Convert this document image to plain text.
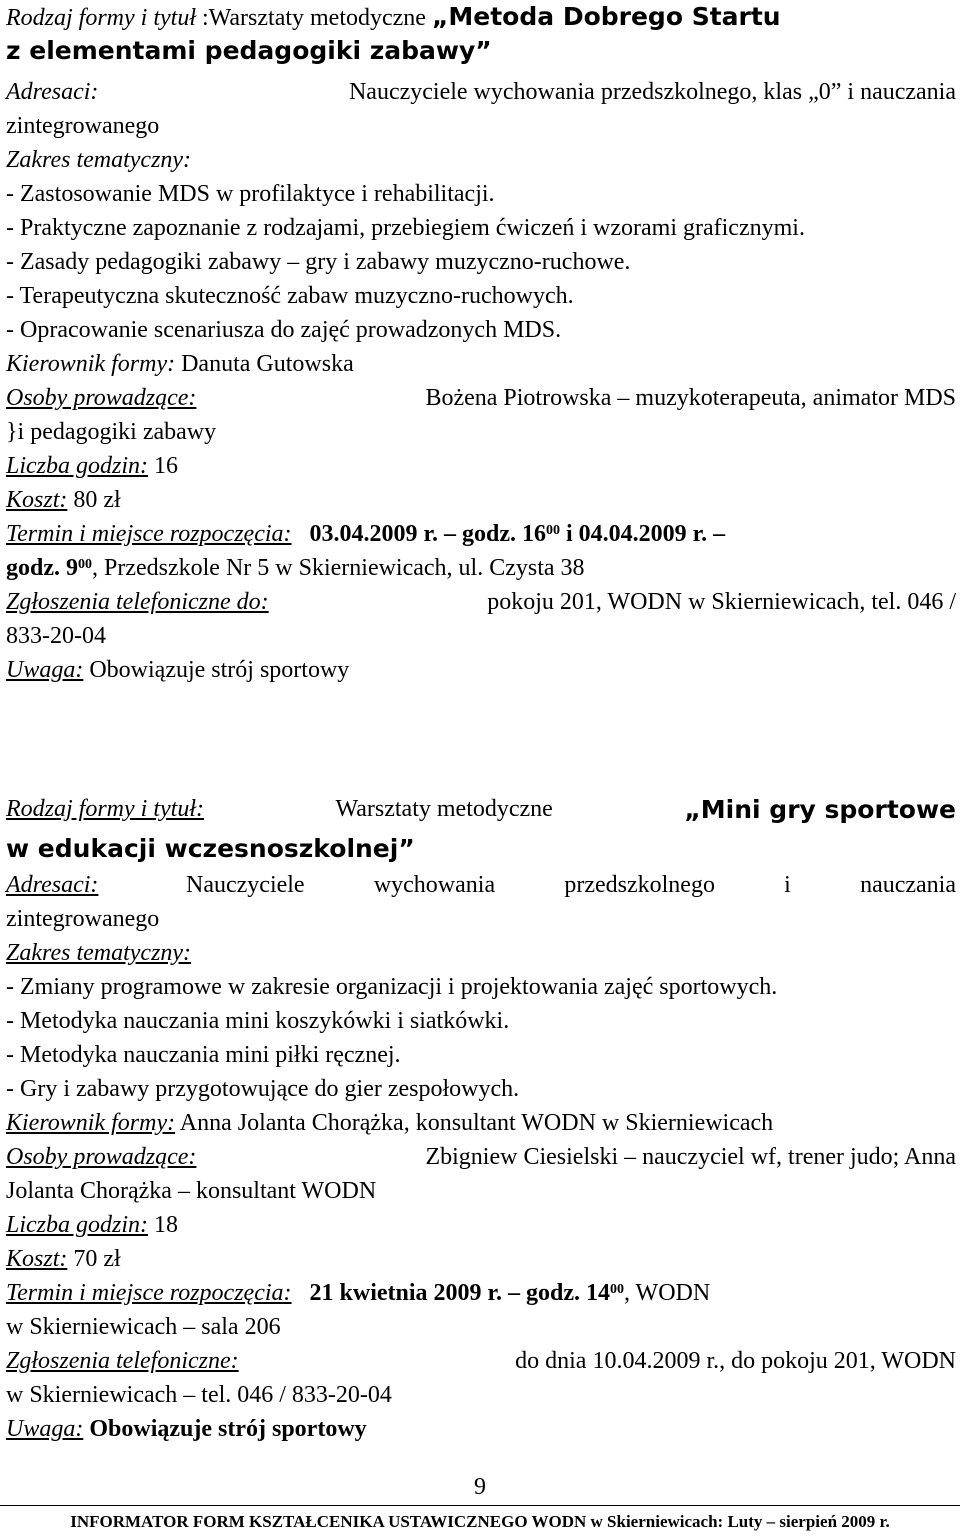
Rodzaj formy i tytuł :Warsztaty metodyczne „Metoda Dobrego Startu
z elementami pedagogiki zabawy”
Adresaci:	Nauczyciele wychowania przedszkolnego, klas „0” i nauczania
zintegrowanego
Zakres tematyczny:
- Zastosowanie MDS w profilaktyce i rehabilitacji.
- Praktyczne zapoznanie z rodzajami, przebiegiem ćwiczeń i wzorami graficznymi.
- Zasady pedagogiki zabawy – gry i zabawy muzyczno-ruchowe.
- Terapeutyczna skuteczność zabaw muzyczno-ruchowych.
- Opracowanie scenariusza do zajęć prowadzonych MDS.
Kierownik formy: Danuta Gutowska
Osoby prowadzące:	Bożena Piotrowska – muzykoterapeuta, animator MDS
}i pedagogiki zabawy
Liczba godzin: 16
Koszt: 80 zł
Termin i miejsce rozpoczęcia: 03.04.2009 r. – godz. $16^{00}$ i 04.04.2009 r. –
godz. $9^{00}$, Przedszkole Nr 5 w Skierniewicach, ul. Czysta 38
Zgłoszenia telefoniczne do:	pokoju 201, WODN w Skierniewicach, tel. 046 /
833-20-04
Uwaga: Obowiązuje strój sportowy
Rodzaj formy i tytuł:	Warsztaty metodyczne	„Mini gry sportowe
w edukacji wczesnoszkolnej”
Adresaci:	Nauczyciele wychowania przedszkolnego i nauczania
zintegrowanego
Zakres tematyczny:
- Zmiany programowe w zakresie organizacji i projektowania zajęć sportowych.
- Metodyka nauczania mini koszykówki i siatkówki.
- Metodyka nauczania mini piłki ręcznej.
- Gry i zabawy przygotowujące do gier zespołowych.
Kierownik formy: Anna Jolanta Chorążka, konsultant WODN w Skierniewicach
Osoby prowadzące:	Zbigniew Ciesielski – nauczyciel wf, trener judo; Anna
Jolanta Chorążka – konsultant WODN
Liczba godzin: 18
Koszt: 70 zł
Termin i miejsce rozpoczęcia: 21 kwietnia 2009 r. – godz. $14^{00}$, WODN
w Skierniewicach – sala 206
Zgłoszenia telefoniczne:	do dnia 10.04.2009 r., do pokoju 201, WODN
w Skierniewicach – tel. 046 / 833-20-04
Uwaga: Obowiązuje strój sportowy
9
INFORMATOR FORM KSZTAŁCENIKA USTAWICZNEGO WODN w Skierniewicach: Luty – sierpień 2009 r.
